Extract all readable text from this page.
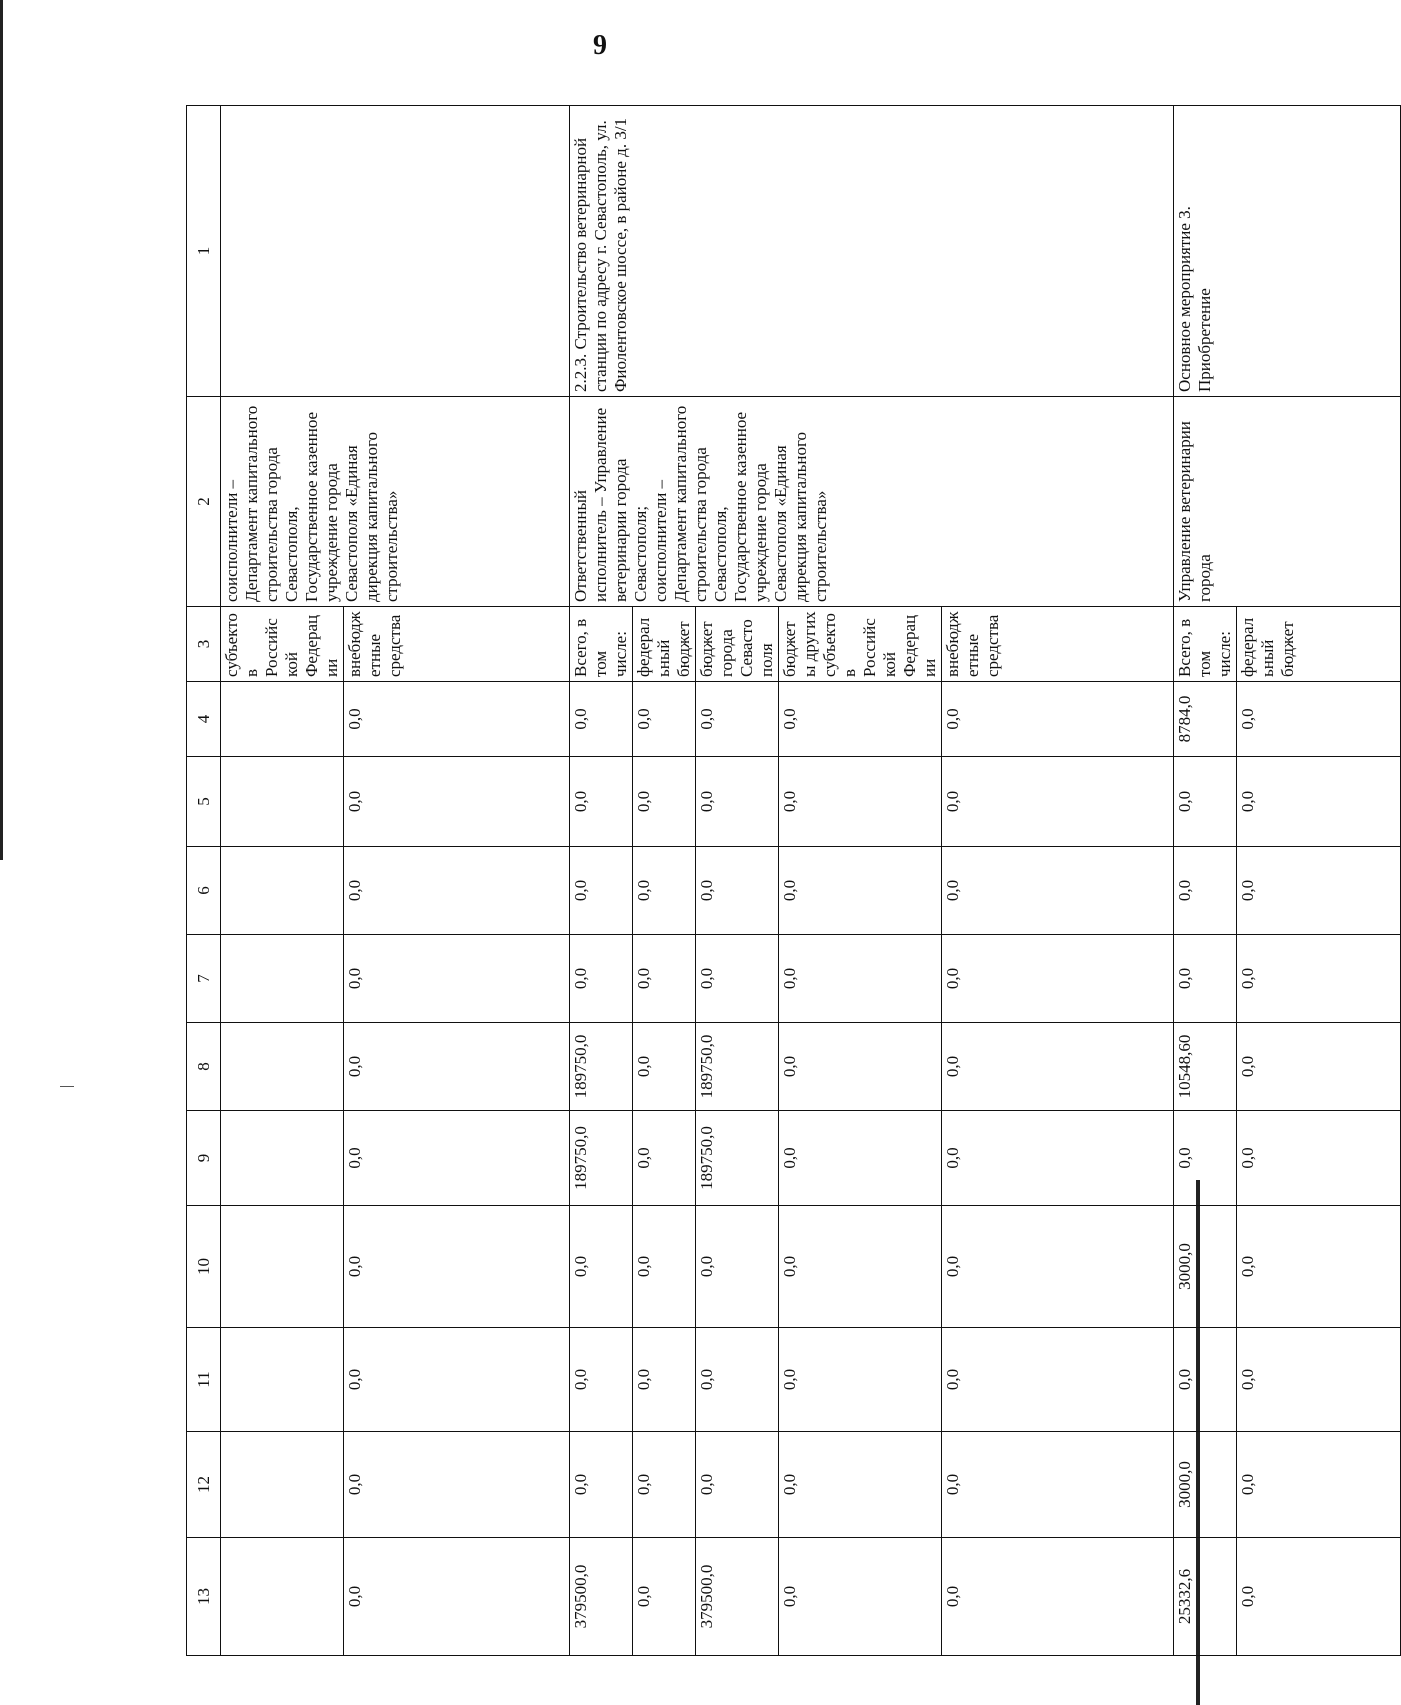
9
13	12	11	10	9	8	7	6	5	4	3	2	1
										субъектов Российской Федерации	соисполнители – Департамент капитального строительства города Севастополя, Государственное казенное учреждение города Севастополя «Единая дирекция капитального строительства»	
0,0	0,0	0,0	0,0	0,0	0,0	0,0	0,0	0,0	0,0	внебюджетные средства		
379500,0	0,0	0,0	0,0	189750,0	189750,0	0,0	0,0	0,0	0,0	Всего, в том числе:	Ответственный исполнитель – Управление ветеринарии города Севастополя; соисполнители – Департамент капитального строительства города Севастополя, Государственное казенное учреждение города Севастополя «Единая дирекция капитального строительства»	2.2.3. Строительство ветеринарной станции по адресу г. Севастополь, ул. Фиолентовское шоссе, в районе д. 3/1
0,0	0,0	0,0	0,0	0,0	0,0	0,0	0,0	0,0	0,0	федеральный бюджет		
379500,0	0,0	0,0	0,0	189750,0	189750,0	0,0	0,0	0,0	0,0	бюджет города Севастополя		
0,0	0,0	0,0	0,0	0,0	0,0	0,0	0,0	0,0	0,0	бюджеты других субъектов Российской Федерации		
0,0	0,0	0,0	0,0	0,0	0,0	0,0	0,0	0,0	0,0	внебюджетные средства		
25332,6	3000,0	0,0	3000,0	0,0	10548,60	0,0	0,0	0,0	8784,0	Всего, в том числе:	Управление ветеринарии города	Основное мероприятие 3. Приобретение
0,0	0,0	0,0	0,0	0,0	0,0	0,0	0,0	0,0	0,0	федеральный бюджет		
